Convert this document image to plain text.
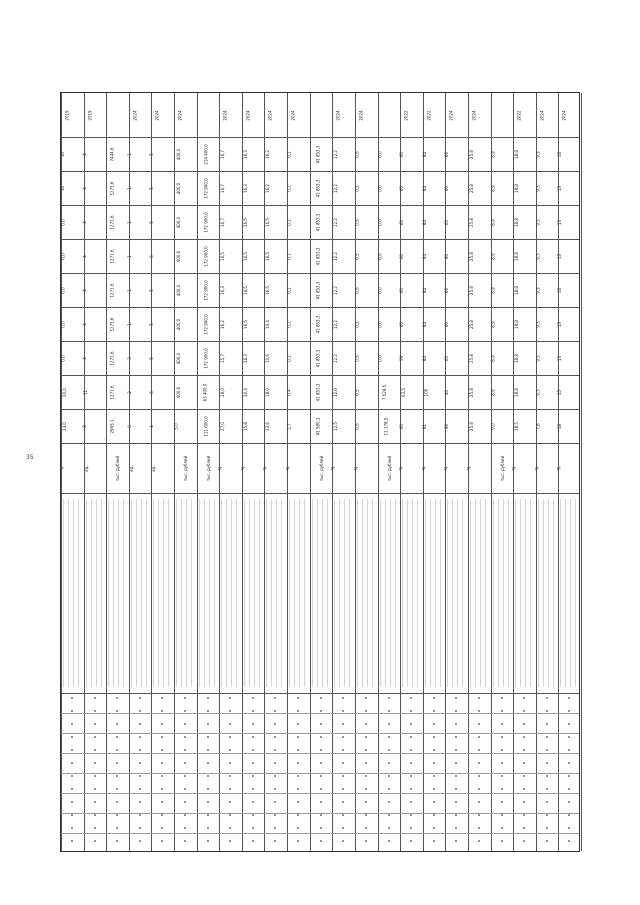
35
2019
24,0
20,0
0,0
0,0
0,0
0,0
0,0
30
30
%
2019
8
11
4
4
4
4
4
4
4
ед.
2965,1
1271,6
1271,6
1271,6
1271,6
1271,6
1271,6
1271,6
7444,6
тыс. рублей
2024
0
2
3
1
1
1
1
1
1
ед.
2024
4
6
5
5
5
5
5
5
5
ед.
2024
5,0
400,0
400,0
400,0
400,0
400,0
400,0
400,0
400,0
тыс. рублей
111 600,0
63 400,0
172 900,0
172 900,0
172 900,0
172 900,0
172 900,0
172 900,0
214 400,0
тыс. рублей
2024
27,0
28,0
15,7
16,2
16,3
16,5
16,7
16,7
16,7
%
2024
15,8
20,4
16,3
16,5
16,5
16,5
16,5
16,3
16,3
%
2024
13,6
18,0
10,6
10,4
16,5
16,5
16,5
16,2
16,2
%
2024
2,7
0,4
0,1
0,1
0,1
0,1
0,1
0,1
0,1
%
41 580,1
41 853,3
41 853,3
41 853,3
41 853,3
41 853,3
41 853,3
41 853,3
41 853,3
тыс. рублей
2024
12,5
12,0
12,2
12,2
12,2
12,2
12,2
12,2
12,2
%
2024
0,5
0,5
0,5
0,5
0,5
0,5
0,5
0,5
0,5
%
11 178,5
7 529,5
0,0
0,0
0,0
0,0
0,0
0,0
0,0
тыс. рублей
2022
60
63,5
59
60
60
60
60
60
60
%
2022
81
100
84
84
84
84
84
84
84
%
2024
90
40
60
60
60
60
60
60
60
%
2024
25,8
25,8
25,8
25,8
25,8
25,8
25,8
25,8
25,8
%
9,0
8,9
8,9
8,9
8,9
8,9
8,9
8,9
8,9
тыс. рублей
2022
18,5
18,8
18,8
18,8
18,8
18,8
18,8
18,8
18,8
%
2024
7,8
9,3
9,3
9,3
9,3
9,3
9,3
9,3
9,3
%
2024
18
15
13
13
13
13
13
13
13
%
